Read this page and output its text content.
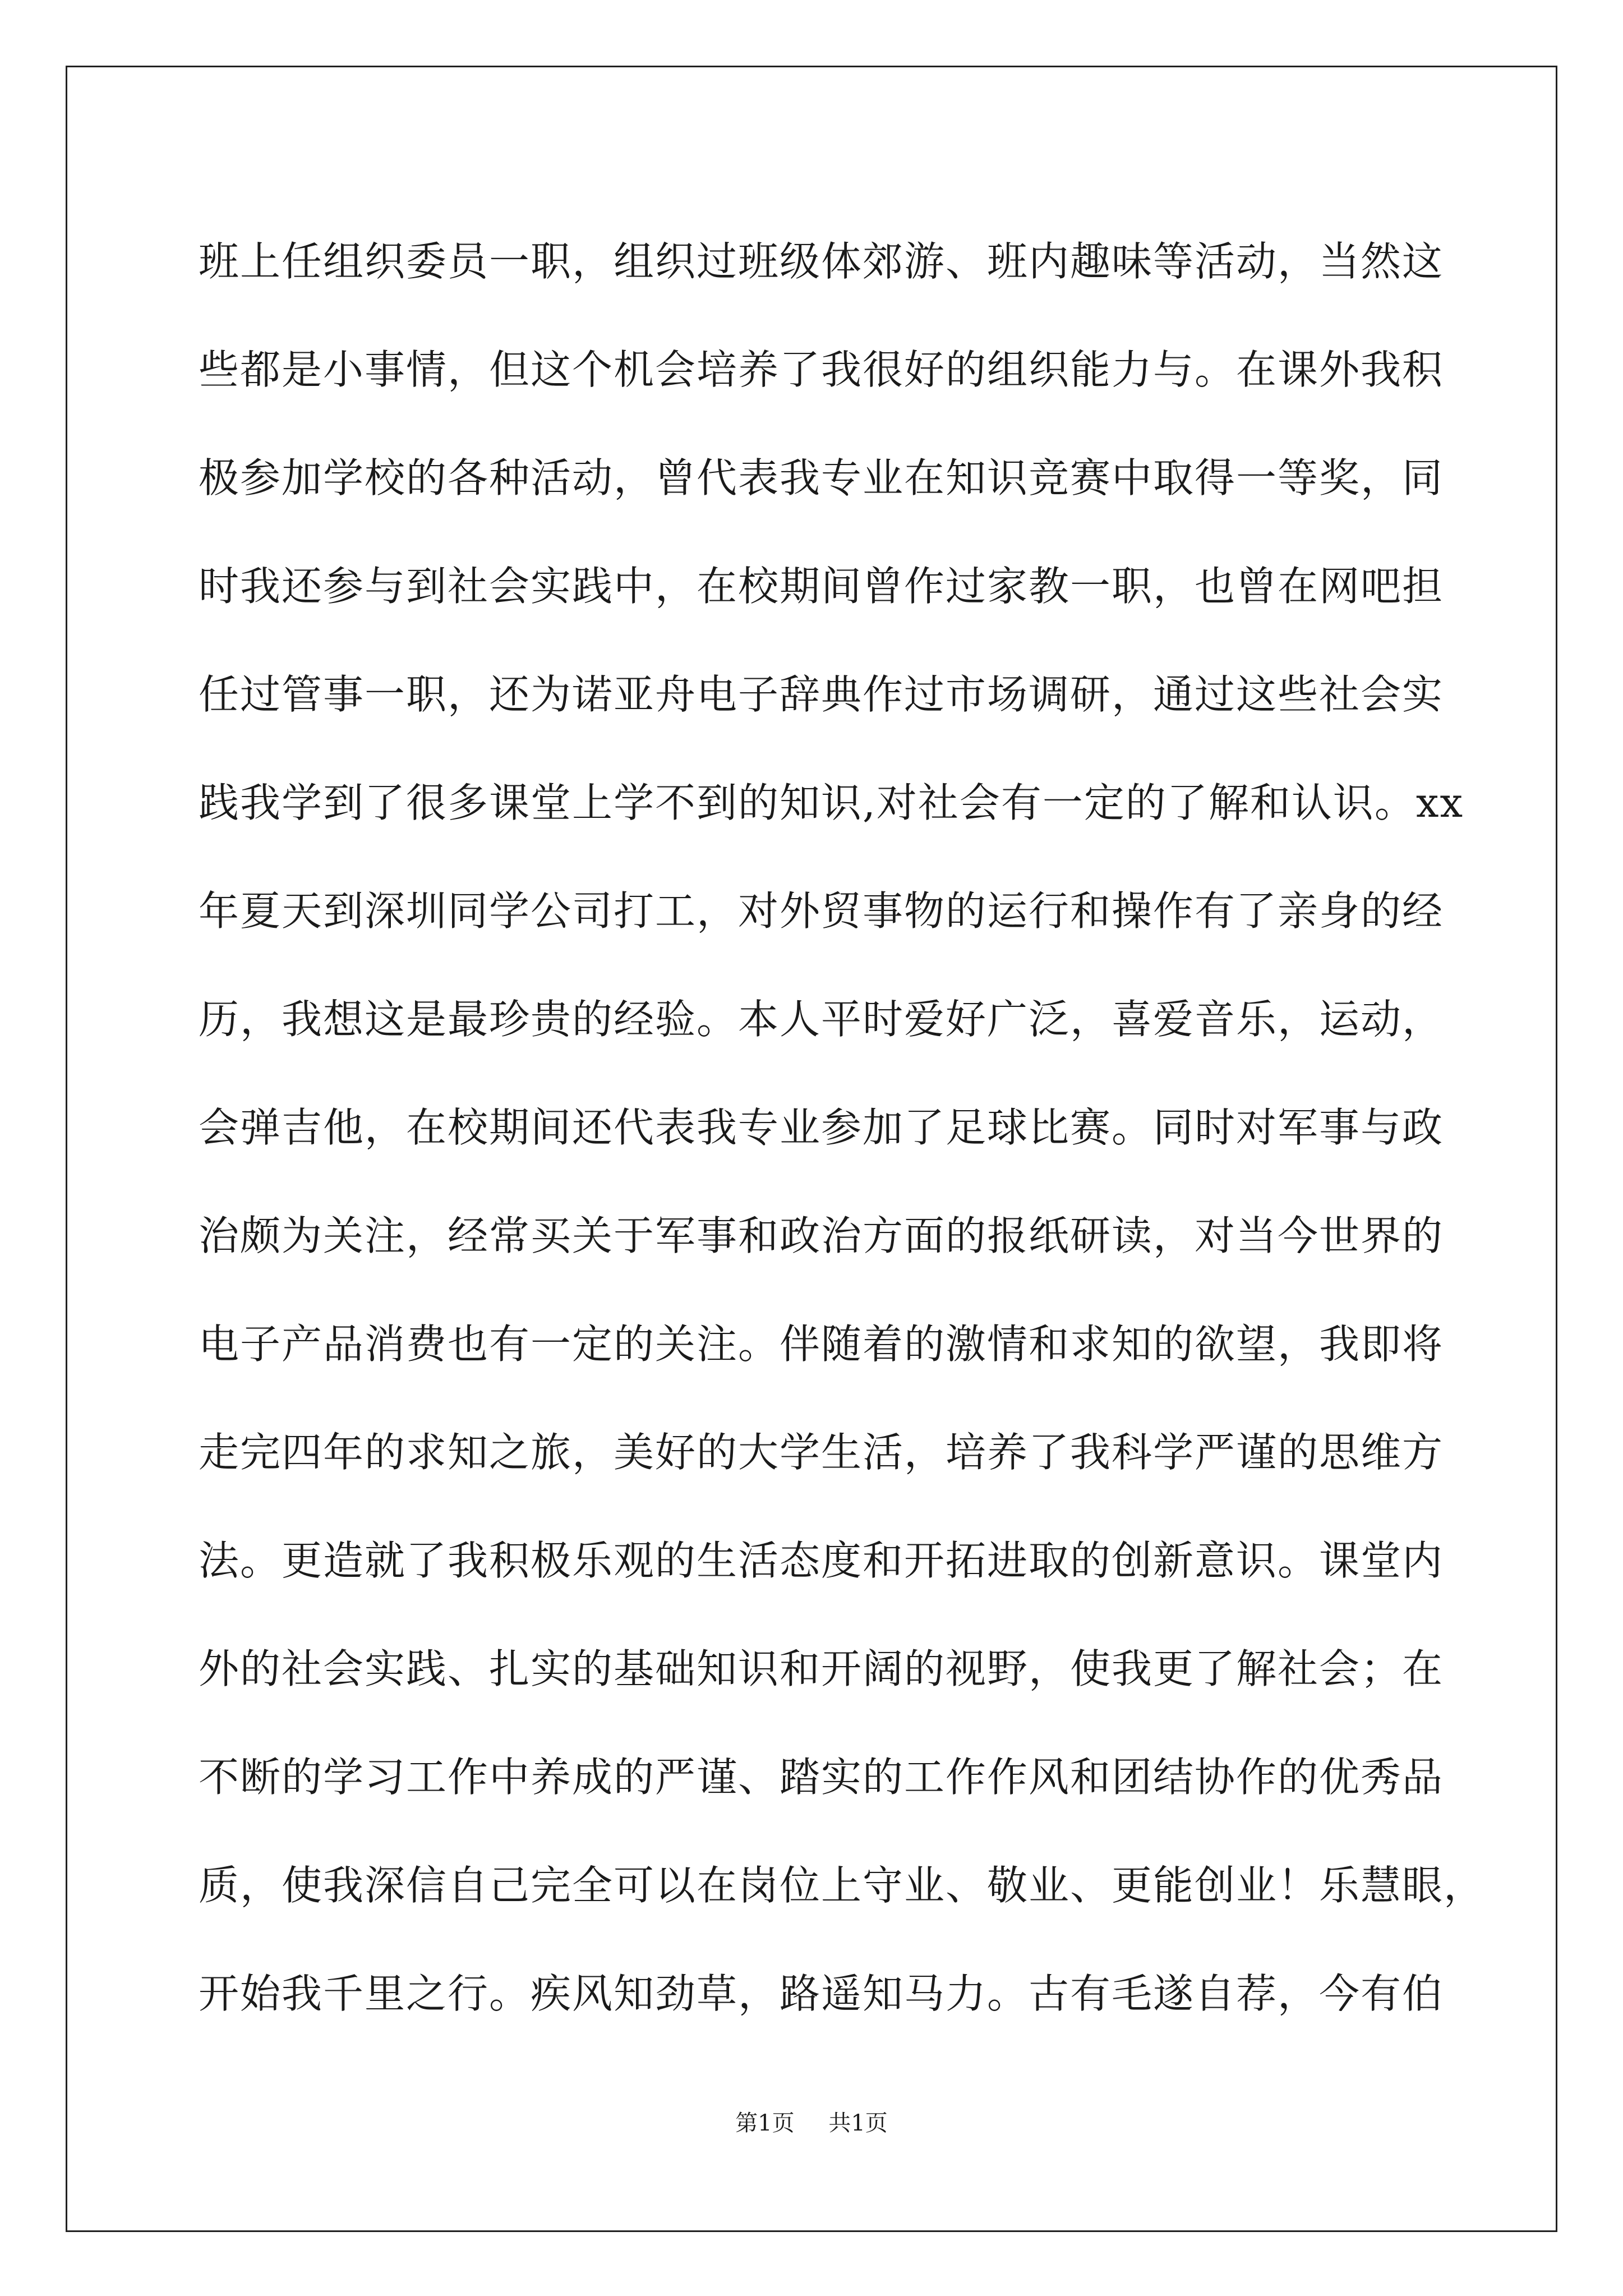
班上任组织委员一职，组织过班级体郊游、班内趣味等活动，当然这
些都是小事情，但这个机会培养了我很好的组织能力与。在课外我积
极参加学校的各种活动，曾代表我专业在知识竞赛中取得一等奖，同
时我还参与到社会实践中，在校期间曾作过家教一职，也曾在网吧担
任过管事一职，还为诺亚舟电子辞典作过市场调研，通过这些社会实
践我学到了很多课堂上学不到的知识,对社会有一定的了解和认识。xx
年夏天到深圳同学公司打工，对外贸事物的运行和操作有了亲身的经
历，我想这是最珍贵的经验。本人平时爱好广泛，喜爱音乐，运动，
会弹吉他，在校期间还代表我专业参加了足球比赛。同时对军事与政
治颇为关注，经常买关于军事和政治方面的报纸研读，对当今世界的
电子产品消费也有一定的关注。伴随着的激情和求知的欲望，我即将
走完四年的求知之旅，美好的大学生活，培养了我科学严谨的思维方
法。更造就了我积极乐观的生活态度和开拓进取的创新意识。课堂内
外的社会实践、扎实的基础知识和开阔的视野，使我更了解社会；在
不断的学习工作中养成的严谨、踏实的工作作风和团结协作的优秀品
质，使我深信自己完全可以在岗位上守业、敬业、更能创业！乐慧眼，
开始我千里之行。疾风知劲草，路遥知马力。古有毛遂自荐，今有伯
第1页 共1页
